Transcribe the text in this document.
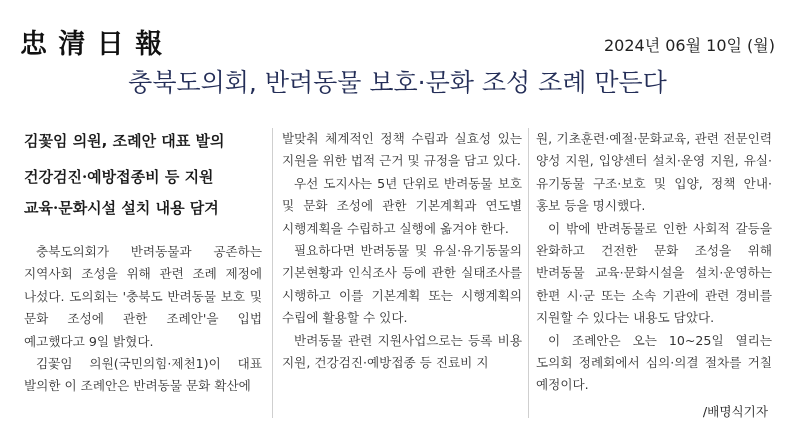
忠 清 日 報	2024년 06월 10일 (월)
충북도의회, 반려동물 보호·문화 조성 조례 만든다
김꽃임 의원, 조례안 대표 발의
건강검진·예방접종비 등 지원
교육·문화시설 설치 내용 담겨

충북도의회가 반려동물과 공존하는 지역사회 조성을 위해 관련 조례 제정에 나섰다. 도의회는 '충북도 반려동물 보호 및 문화 조성에 관한 조례안'을 입법 예고했다고 9일 밝혔다.

김꽃임 의원(국민의힘·제천1)이 대표 발의한 이 조례안은 반려동물 문화 확산에

발맞춰 체계적인 정책 수립과 실효성 있는 지원을 위한 법적 근거 및 규정을 담고 있다.

우선 도지사는 5년 단위로 반려동물 보호 및 문화 조성에 관한 기본계획과 연도별 시행계획을 수립하고 실행에 옮겨야 한다.

필요하다면 반려동물 및 유실·유기동물의 기본현황과 인식조사 등에 관한 실태조사를 시행하고 이를 기본계획 또는 시행계획의 수립에 활용할 수 있다.

반려동물 관련 지원사업으로는 등록 비용 지원, 건강검진·예방접종 등 진료비 지

원, 기초훈련·예절·문화교육, 관련 전문인력 양성 지원, 입양센터 설치·운영 지원, 유실·유기동물 구조·보호 및 입양, 정책 안내·홍보 등을 명시했다.

이 밖에 반려동물로 인한 사회적 갈등을 완화하고 건전한 문화 조성을 위해 반려동물 교육·문화시설을 설치·운영하는 한편 시·군 또는 소속 기관에 관련 경비를 지원할 수 있다는 내용도 담았다.

이 조례안은 오는 10~25일 열리는 도의회 정례회에서 심의·의결 절차를 거칠 예정이다.

/배명식기자
